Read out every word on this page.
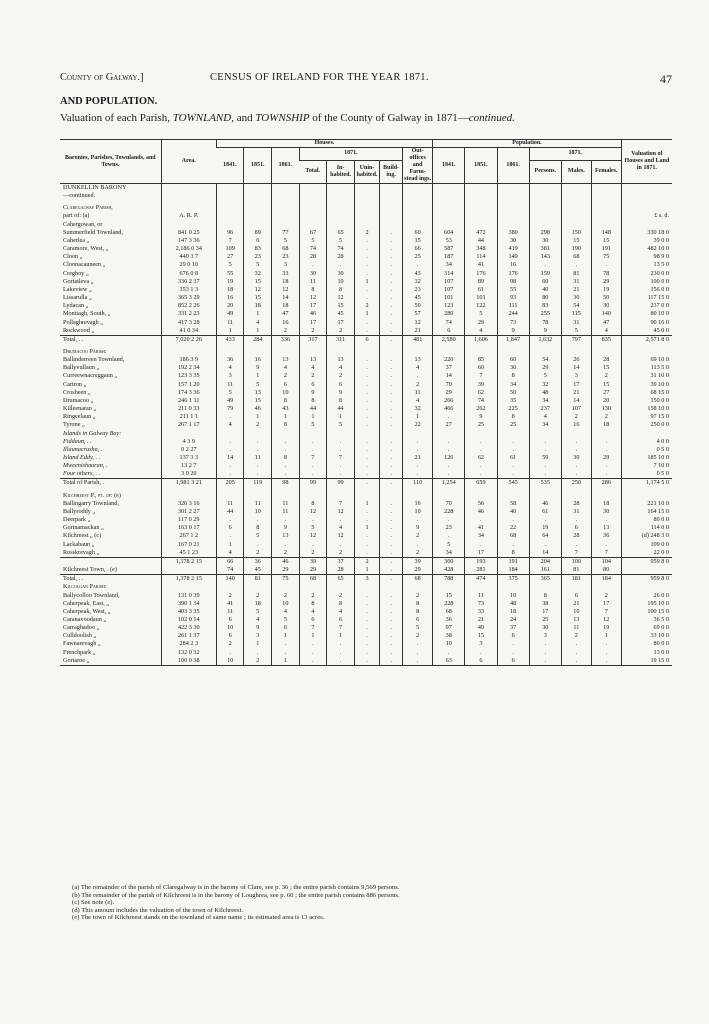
County of Galway.]	CENSUS OF IRELAND FOR THE YEAR 1871.	47
AND POPULATION.
Valuation of each Parish, TOWNLAND, and TOWNSHIP of the County of Galway in 1871—continued.
Baronies, Parishes, Townlands, and Towns.	Area.	Houses.								Population.						Valuation of Houses and Land in 1871.
		1841.	1851.	1861.	1871.				Out-offices and Farm-stead ings.	1841.	1851.	1861.	1871.			
					Total.	In-habited.	Unin-habited.	Build-ing.					Persons.	Males.	Females.	
DUNKELLIN BARONY																
—continued.																

Claregalway Parish,																
part of: (a)	A. R. P.															£ s. d.
Cahergowan, or																
Summerfield Townland,	841 0 25	96	89	77	67	65	2	.	60	604	472	380	298	150	148	330 18 0
Caherlea „	147 3 36	7	6	5	5	5	.	.	15	53	44	30	30	15	15	39 0 0
Caramore, West, „	2,186 0 34	109	83	68	74	74	.	.	66	587	348	419	381	190	191	482 10 0
Cloon „	440 3 7	27	23	23	28	28	.	.	25	187	114	149	143	68	75	98 9 0
Cloonacauneen „	29 0 10	5	5	3	.	.	.	.	.	34	41	16	.	.	.	13 5 0
Cregboy „	676 0 8	55	32	33	30	30	.	.	43	314	176	176	159	81	78	230 0 0
Gortatleva „	336 2 37	19	15	18	11	10	1	.	32	107	89	98	60	31	29	100 0 0
Lakeview „	353 1 3	18	12	12	8	8	.	.	23	107	61	55	40	21	19	156 0 0
Lissarulla „	365 3 29	16	15	14	12	12	.	.	45	101	101	93	80	30	50	117 15 0
Lydacan „	852 2 26	20	18	18	17	15	2	.	50	123	122	111	83	54	30	237 0 0
Montiagh, South, „	331 2 23	49	1	47	46	45	1	.	57	280	5	244	255	115	140	80 10 0
Pollaghrevagh „	417 3 28	11	4	16	17	17	.	.	12	74	29	73	78	31	47	90 16 0
Rockwood „	41 0 34	1	1	2	2	2	.	.	21	6	4	9	9	5	4	45 0 0
Total, . .	7,020 2 26	433	284	336	317	311	6	.	481	2,580	1,606	1,847	1,632	797	835	2,571 8 0

Drumacoo Parish:																
Ballinderreen Townland,	186 3 9	36	16	13	13	13	.	.	13	220	85	60	54	26	28	69 10 0
Ballyvullaun „	192 2 34	4	9	4	4	4	.	.	4	37	60	30	29	14	15	113 5 0
Curreewnacreggaun „	123 3 35	3	1	2	2	2	.	.	.	14	7	8	5	3	2	31 10 0
Cartron „	157 1 20	11	5	6	6	6	.	.	2	70	39	34	32	17	15	39 10 0
Crosheen „	174 3 36	5	13	10	9	9	.	.	11	29	62	50	48	21	27	68 15 0
Drumacoo „	246 1 11	49	15	8	8	8	.	.	4	266	74	35	34	14	20	150 0 0
Killeenaran „	211 0 33	79	46	43	44	44	.	.	32	466	262	225	237	107	130	158 10 0
Ringeelaun „	211 1 1	.	1	1	1	1	.	.	1	.	9	8	4	2	2	97 15 0
Tyrone „	267 1 17	4	2	8	5	5	.	.	22	27	25	25	34	16	18	250 0 0
Islands in Galway Bay:																
Fiddaun, . .	4 3 9	.	.	.	.	.	.	.	.	.	.	.	.	.	.	4 0 0
Illaunacrusha, .	0 2 27	.	.	.	.	.	.	.	.	.	.	.	.	.	.	0 5 0
Island Eddy, . .	137 3 3	14	11	8	7	7	.	.	21	126	62	61	59	30	29	185 10 0
Mweenishauran, .	13 2 7	.	.	.	.	.	.	.	.	.	.	.	.	.	.	7 10 0
Four others, . .	3 0 20	.	.	.	.	.	.	.	.	.	.	.	.	.	.	0 5 0
Total of Parish, .	1,981 3 21	205	119	98	99	99	.	.	110	1,254	659	545	535	250	286	1,174 5 0

Kilchreest P., pt. of: (b)																
Ballingarry Townland,	326 3 16	11	11	11	8	7	1	.	16	70	56	58	46	28	18	221 10 0
Ballyroddy „	301 2 27	44	10	11	12	12	.	.	10	228	46	40	61	31	30	164 15 0
Deerpark „	117 0 29	.	.	.	.	.	.	.	.	.	.	.	.	.	.	80 0 0
Gortnamackan „	163 0 17	6	8	9	5	4	1	.	9	23	41	22	19	6	13	114 0 0
Kilchreest „ (c)	267 1 2	.	5	13	12	12	.	.	2	.	34	68	64	28	36	(d) 248 3 0
Lackabaun „	167 0 21	1	.	.	.	.	.	.	.	5	.	.	.	.	.	109 0 0
Rosskrevagh „	45 1 23	4	2	2	2	2	.	.	2	34	17	8	14	7	7	22 0 0
	1,378 2 15	66	36	46	39	37	2	.	39	360	193	191	204	100	104	959 8 0
Kilchreest Town, . (e)		74	45	29	29	28	1	.	29	428	281	184	161	81	80	
Total, . .	1,378 2 15	140	81	75	68	65	3	.	68	788	474	375	365	181	184	959 8 0
Kilcolgan Parish:																
Ballycolloo Townland,	131 0 39	2	2	2	2	2	.	.	2	15	11	10	8	6	2	26 0 0
Caherpeak, East, „	390 1 34	41	18	10	8	8	.	.	8	228	73	48	38	21	17	195 10 0
Caherpeak, West, „	403 3 35	11	5	4	4	4	.	.	8	68	33	18	17	10	7	100 15 0
Caranavoodaun „	102 0 14	6	4	5	6	6	.	.	6	36	21	24	25	13	12	36 5 0
Carraghadoo „	422 3 30	10	9	6	7	7	.	.	5	97	49	37	30	11	19	69 0 0
Culldoolish „	261 1 37	6	3	1	1	1	.	.	2	38	15	6	3	2	1	33 10 0
Fawnarevagh „	284 2 3	2	1	.	.	.	.	.	.	10	3	.	.	.	.	80 0 0
Frenchpark „	132 0 32	.	.	.	.	.	.	.	.	.	.	.	.	.	.	13 0 0
Gortaroe „	100 0 38	10	2	1	.	.	.	.	.	63	6	6	.	.	.	19 15 0
(a) The remainder of the parish of Claregalway is in the barony of Clare, see p. 36 ; the entire parish contains 9,569 persons.
(b) The remainder of the parish of Kilchreest is in the barony of Loughrea, see p. 60 ; the entire parish contains 886 persons.
(c) See note (e).
(d) This amount includes the valuation of the town of Kilchreest.
(e) The town of Kilchreest stands on the townland of same name ; its estimated area is 13 acres.
